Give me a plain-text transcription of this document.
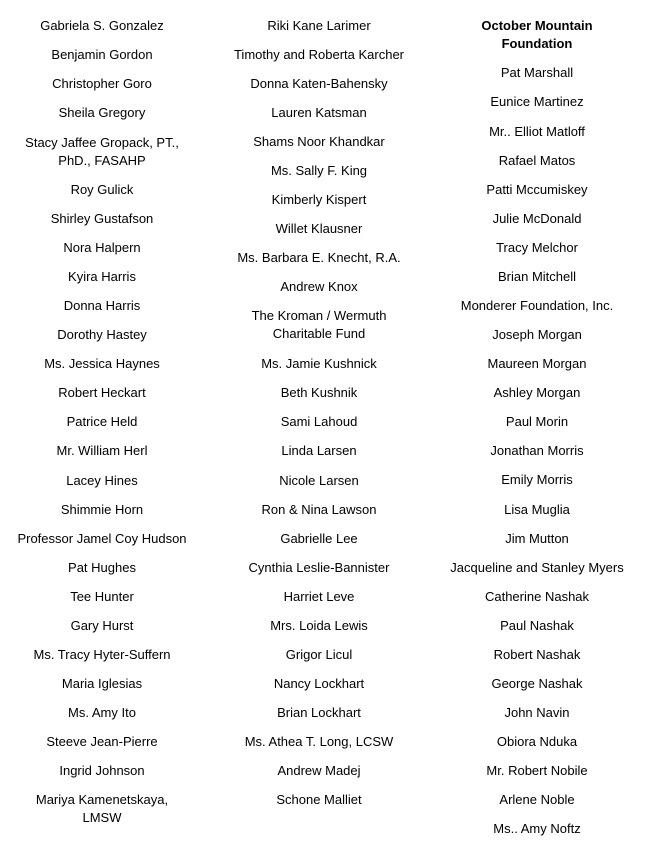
Gabriela S. Gonzalez

Benjamin Gordon

Christopher Goro

Sheila Gregory

Stacy Jaffee Gropack, PT., PhD., FASAHP

Roy Gulick

Shirley Gustafson

Nora Halpern

Kyira Harris

Donna Harris

Dorothy Hastey

Ms. Jessica Haynes

Robert Heckart

Patrice Held

Mr. William Herl

Lacey Hines

Shimmie Horn

Professor Jamel Coy Hudson

Pat Hughes

Tee Hunter

Gary Hurst

Ms. Tracy Hyter-Suffern

Maria Iglesias

Ms. Amy Ito

Steeve Jean-Pierre

Ingrid Johnson

Mariya Kamenetskaya, LMSW

Riki Kane Larimer

Timothy and Roberta Karcher

Donna Katen-Bahensky

Lauren Katsman

Shams Noor Khandkar

Ms. Sally F. King

Kimberly Kispert

Willet Klausner

Ms. Barbara E. Knecht, R.A.

Andrew Knox

The Kroman / Wermuth Charitable Fund

Ms. Jamie Kushnick

Beth Kushnik

Sami Lahoud

Linda Larsen

Nicole Larsen

Ron & Nina Lawson

Gabrielle Lee

Cynthia Leslie-Bannister

Harriet Leve

Mrs. Loida Lewis

Grigor Licul

Nancy Lockhart

Brian Lockhart

Ms. Athea T. Long, LCSW

Andrew Madej

Schone Malliet

October Mountain Foundation

Pat Marshall

Eunice Martinez

Mr.. Elliot Matloff

Rafael Matos

Patti Mccumiskey

Julie McDonald

Tracy Melchor

Brian Mitchell

Monderer Foundation, Inc.

Joseph Morgan

Maureen Morgan

Ashley Morgan

Paul Morin

Jonathan Morris

Emily Morris

Lisa Muglia

Jim Mutton

Jacqueline and Stanley Myers

Catherine Nashak

Paul Nashak

Robert Nashak

George Nashak

John Navin

Obiora Nduka

Mr. Robert Nobile

Arlene Noble

Ms.. Amy Noftz
